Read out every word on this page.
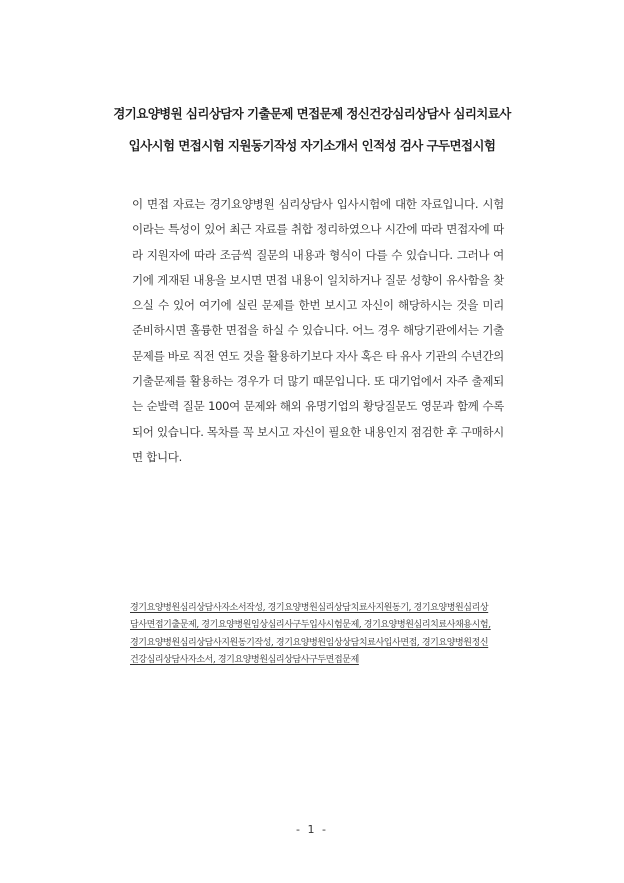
경기요양병원 심리상담자 기출문제 면접문제 정신건강심리상담사 심리치료사
입사시험 면접시험 지원동기작성 자기소개서 인적성 검사 구두면접시험
이 면접 자료는 경기요양병원 심리상담사 입사시험에 대한 자료입니다. 시험
이라는 특성이 있어 최근 자료를 취합 정리하였으나 시간에 따라 면접자에 따
라 지원자에 따라 조금씩 질문의 내용과 형식이 다를 수 있습니다. 그러나 여
기에 게재된 내용을 보시면 면접 내용이 일치하거나 질문 성향이 유사함을 찾
으실 수 있어 여기에 실린 문제를 한번 보시고 자신이 해당하시는 것을 미리
준비하시면 훌륭한 면접을 하실 수 있습니다. 어느 경우 해당기관에서는 기출
문제를 바로 직전 연도 것을 활용하기보다 자사 혹은 타 유사 기관의 수년간의
기출문제를 활용하는 경우가 더 많기 때문입니다. 또 대기업에서 자주 출제되
는 순발력 질문 100여 문제와 해외 유명기업의 황당질문도 영문과 함께 수록
되어 있습니다. 목차를 꼭 보시고 자신이 필요한 내용인지 점검한 후 구매하시
면 합니다.
경기요양병원심리상담사자소서작성, 경기요양병원심리상담치료사지원동기, 경기요양병원심리상
담사면접기출문제, 경기요양병원임상심리사구두입사시험문제, 경기요양병원심리치료사채용시험,
경기요양병원심리상담사지원동기작성, 경기요양병원임상상담치료사입사면접, 경기요양병원정신
건강심리상담사자소서, 경기요양병원심리상담사구두면접문제
- 1 -
